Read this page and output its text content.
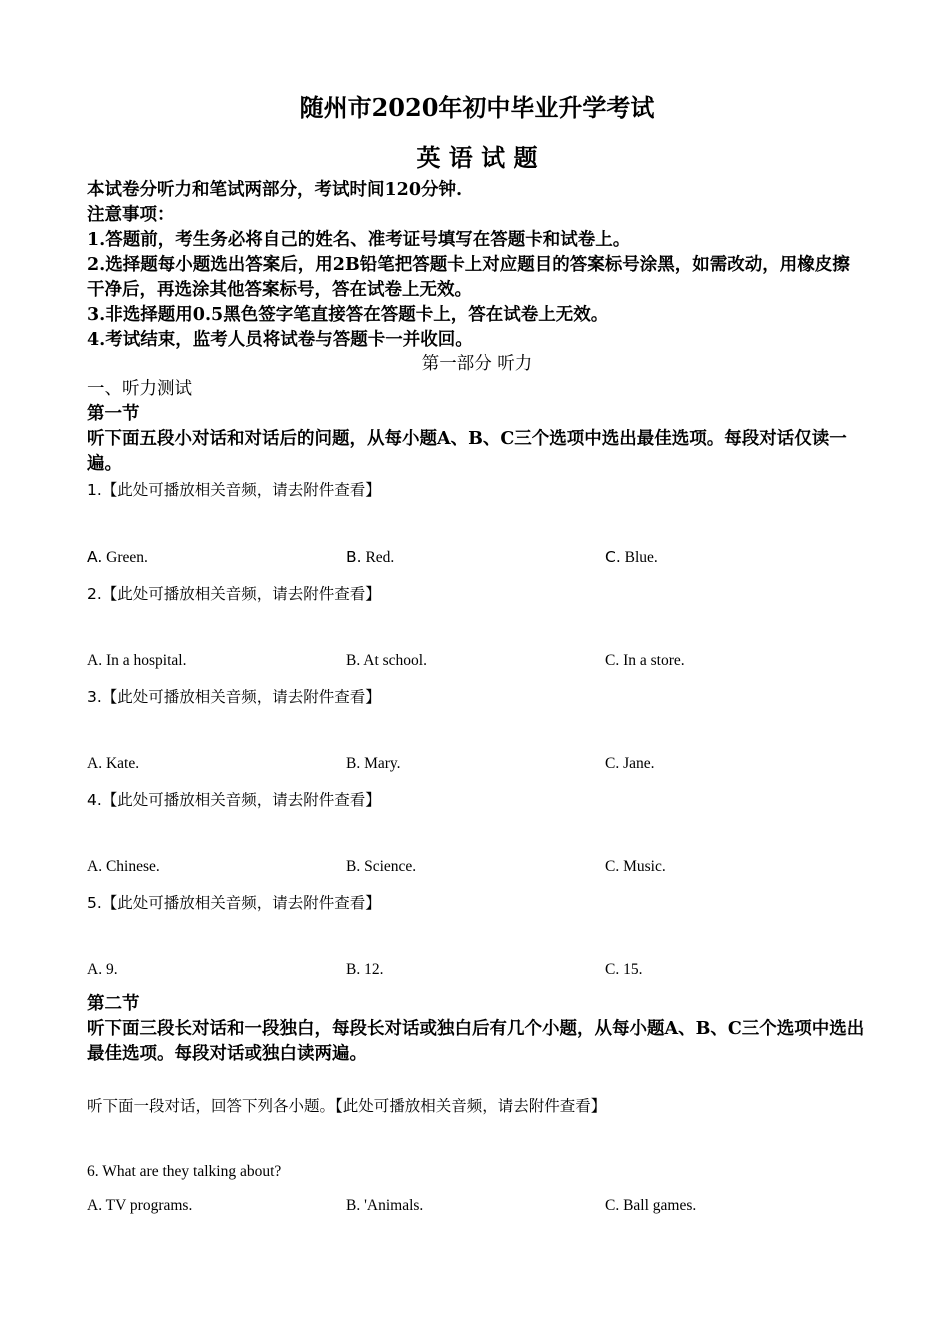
随州市2020年初中毕业升学考试
英 语 试 题
本试卷分听力和笔试两部分，考试时间120分钟.
注意事项：
1.答题前，考生务必将自己的姓名、准考证号填写在答题卡和试卷上。
2.选择题每小题选出答案后，用2B铅笔把答题卡上对应题目的答案标号涂黑，如需改动，用橡皮擦干净后，再选涂其他答案标号，答在试卷上无效。
3.非选择题用0.5黑色签字笔直接答在答题卡上，答在试卷上无效。
4.考试结束，监考人员将试卷与答题卡一并收回。
第一部分 听力
一、听力测试
第一节
听下面五段小对话和对话后的问题，从每小题A、B、C三个选项中选出最佳选项。每段对话仅读一遍。
1.【此处可播放相关音频，请去附件查看】
A. Green.	B. Red.	C. Blue.
2.【此处可播放相关音频，请去附件查看】
A. In a hospital.	B. At school.	C. In a store.
3.【此处可播放相关音频，请去附件查看】
A. Kate.	B. Mary.	C. Jane.
4.【此处可播放相关音频，请去附件查看】
A. Chinese.	B. Science.	C. Music.
5.【此处可播放相关音频，请去附件查看】
A. 9.	B. 12.	C. 15.
第二节
听下面三段长对话和一段独白，每段长对话或独白后有几个小题，从每小题A、B、C三个选项中选出最佳选项。每段对话或独白读两遍。
听下面一段对话，回答下列各小题。【此处可播放相关音频，请去附件查看】
6. What are they talking about?
A. TV programs.	B. 'Animals.	C. Ball games.
